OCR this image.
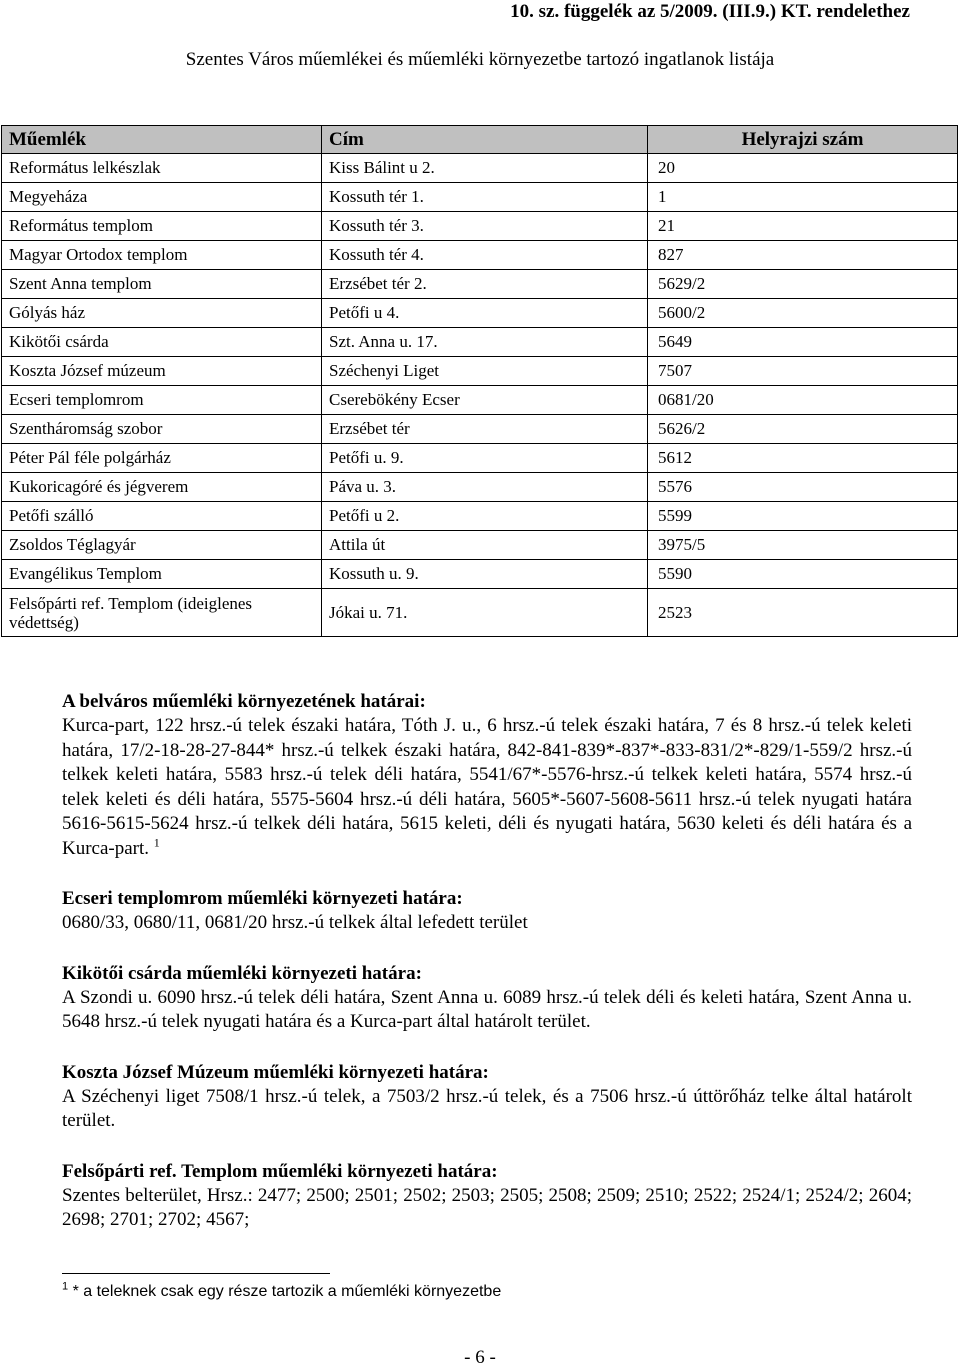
10. sz. függelék az 5/2009. (III.9.) KT. rendelethez
Szentes Város műemlékei és műemléki környezetbe tartozó ingatlanok listája
Műemlék	Cím	Helyrajzi szám
Református lelkészlak	Kiss Bálint u 2.	20
Megyeháza	Kossuth tér 1.	1
Református templom	Kossuth tér 3.	21
Magyar Ortodox templom	Kossuth tér 4.	827
Szent Anna templom	Erzsébet tér 2.	5629/2
Gólyás ház	Petőfi u 4.	5600/2
Kikötői csárda	Szt. Anna u. 17.	5649
Koszta József múzeum	Széchenyi Liget	7507
Ecseri templomrom	Cserebökény Ecser	0681/20
Szentháromság szobor	Erzsébet tér	5626/2
Péter Pál féle polgárház	Petőfi u. 9.	5612
Kukoricagóré és jégverem	Páva u. 3.	5576
Petőfi szálló	Petőfi u 2.	5599
Zsoldos Téglagyár	Attila út	3975/5
Evangélikus Templom	Kossuth u. 9.	5590
Felsőpárti ref. Templom (ideiglenes védettség)	Jókai u. 71.	2523
A belváros műemléki környezetének határai:

Kurca-part, 122 hrsz.-ú telek északi határa, Tóth J. u., 6 hrsz.-ú telek északi határa, 7 és 8 hrsz.-ú telek keleti határa, 17/2-18-28-27-844* hrsz.-ú telkek északi határa, 842-841-839*-837*-833-831/2*-829/1-559/2 hrsz.-ú telkek keleti határa, 5583 hrsz.-ú telek déli határa, 5541/67*-5576-hrsz.-ú telkek keleti határa, 5574 hrsz.-ú telek keleti és déli határa, 5575-5604 hrsz.-ú déli határa, 5605*-5607-5608-5611 hrsz.-ú telek nyugati határa 5616-5615-5624 hrsz.-ú telkek déli határa, 5615 keleti, déli és nyugati határa, 5630 keleti és déli határa és a Kurca-part. $^1$

Ecseri templomrom műemléki környezeti határa:

0680/33, 0680/11, 0681/20 hrsz.-ú telkek által lefedett terület

Kikötői csárda műemléki környezeti határa:

A Szondi u. 6090 hrsz.-ú telek déli határa, Szent Anna u. 6089 hrsz.-ú telek déli és keleti határa, Szent Anna u. 5648 hrsz.-ú telek nyugati határa és a Kurca-part által határolt terület.

Koszta József Múzeum műemléki környezeti határa:

A Széchenyi liget 7508/1 hrsz.-ú telek, a 7503/2 hrsz.-ú telek, és a 7506 hrsz.-ú úttörőház telke által határolt terület.

Felsőpárti ref. Templom műemléki környezeti határa:

Szentes belterület, Hrsz.: 2477; 2500; 2501; 2502; 2503; 2505; 2508; 2509; 2510; 2522; 2524/1; 2524/2; 2604; 2698; 2701; 2702; 4567;

$^1$ * a teleknek csak egy része tartozik a műemléki környezetbe
- 6 -
